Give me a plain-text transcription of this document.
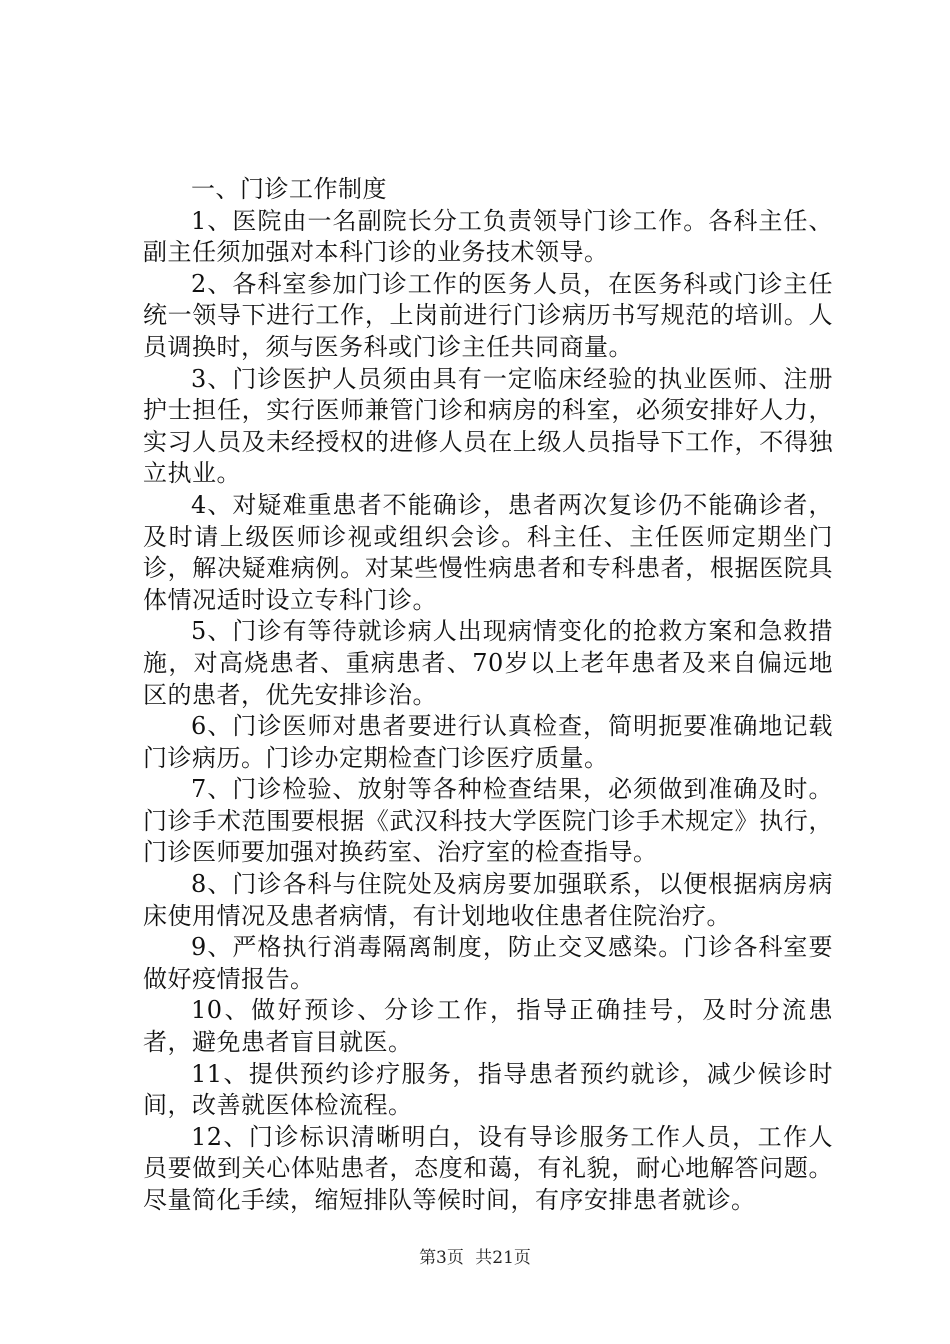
一、门诊工作制度

1、医院由一名副院长分工负责领导门诊工作。各科主任、副主任须加强对本科门诊的业务技术领导。

2、各科室参加门诊工作的医务人员，在医务科或门诊主任统一领导下进行工作，上岗前进行门诊病历书写规范的培训。人员调换时，须与医务科或门诊主任共同商量。

3、门诊医护人员须由具有一定临床经验的执业医师、注册护士担任，实行医师兼管门诊和病房的科室，必须安排好人力，实习人员及未经授权的进修人员在上级人员指导下工作，不得独立执业。

4、对疑难重患者不能确诊，患者两次复诊仍不能确诊者，及时请上级医师诊视或组织会诊。科主任、主任医师定期坐门诊，解决疑难病例。对某些慢性病患者和专科患者，根据医院具体情况适时设立专科门诊。

5、门诊有等待就诊病人出现病情变化的抢救方案和急救措施，对高烧患者、重病患者、70岁以上老年患者及来自偏远地区的患者，优先安排诊治。

6、门诊医师对患者要进行认真检查，简明扼要准确地记载门诊病历。门诊办定期检查门诊医疗质量。

7、门诊检验、放射等各种检查结果，必须做到准确及时。门诊手术范围要根据《武汉科技大学医院门诊手术规定》执行，门诊医师要加强对换药室、治疗室的检查指导。

8、门诊各科与住院处及病房要加强联系，以便根据病房病床使用情况及患者病情，有计划地收住患者住院治疗。

9、严格执行消毒隔离制度，防止交叉感染。门诊各科室要做好疫情报告。

10、做好预诊、分诊工作，指导正确挂号，及时分流患者，避免患者盲目就医。

11、提供预约诊疗服务，指导患者预约就诊，减少候诊时间，改善就医体检流程。

12、门诊标识清晰明白，设有导诊服务工作人员，工作人员要做到关心体贴患者，态度和蔼，有礼貌，耐心地解答问题。尽量简化手续，缩短排队等候时间，有序安排患者就诊。

第3页 共21页
